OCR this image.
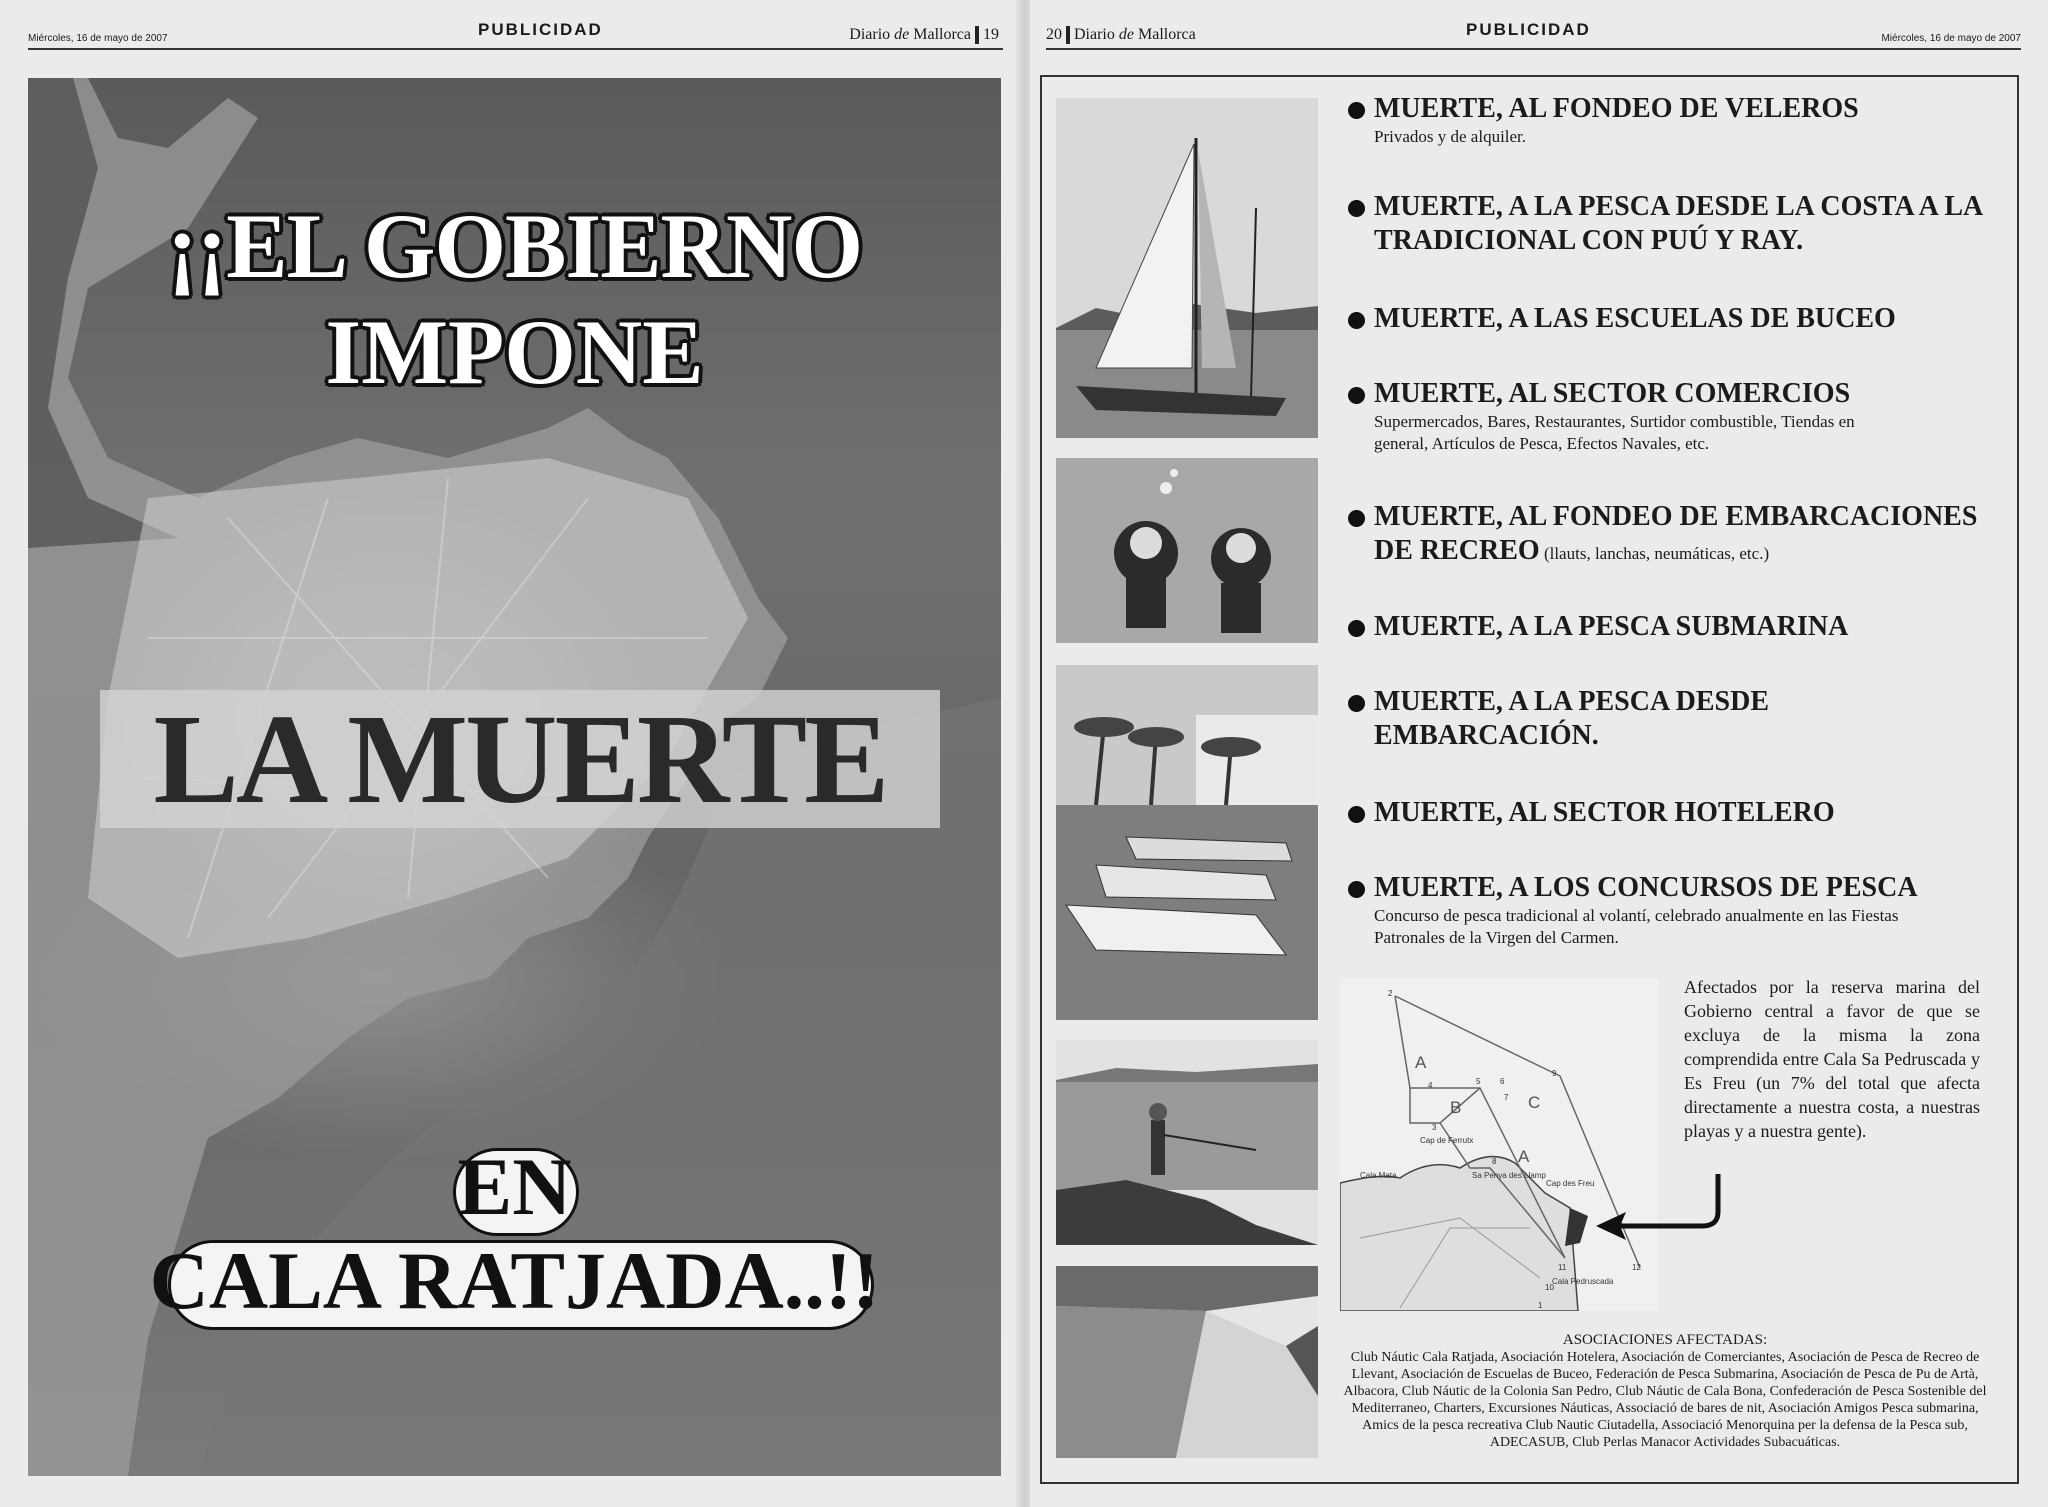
Miércoles, 16 de mayo de 2007	PUBLICIDAD	Diario de Mallorca 19
¡¡EL GOBIERNO
IMPONE
LA MUERTE
EN
CALA RATJADA..!!
20 Diario de Mallorca	PUBLICIDAD	Miércoles, 16 de mayo de 2007
MUERTE, AL FONDEO DE VELEROS
Privados y de alquiler.
MUERTE, A LA PESCA DESDE LA COSTA A LA TRADICIONAL CON PUÚ Y RAY.
MUERTE, A LAS ESCUELAS DE BUCEO
MUERTE, AL SECTOR COMERCIOS
Supermercados, Bares, Restaurantes, Surtidor combustible, Tiendas en general, Artículos de Pesca, Efectos Navales, etc.
MUERTE, AL FONDEO DE EMBARCACIONES DE RECREO (llauts, lanchas, neumáticas, etc.)
MUERTE, A LA PESCA SUBMARINA
MUERTE, A LA PESCA DESDE EMBARCACIÓN.
MUERTE, AL SECTOR HOTELERO
MUERTE, A LOS CONCURSOS DE PESCA
Concurso de pesca tradicional al volantí, celebrado anualmente en las Fiestas Patronales de la Virgen del Carmen.
A
B	C
A
1
2
3
4	5 6
7
8
9
10
11	12
Cap de Ferrutx
Cala Mata	Sa Penya des Llamp
Cap des Freu
Cala Pedruscada
Afectados por la reserva marina del Gobierno central a favor de que se excluya de la misma la zona comprendida entre Cala Sa Pedruscada y Es Freu (un 7% del total que afecta directamente a nuestra costa, a nuestras playas y a nuestra gente).
ASOCIACIONES AFECTADAS:
Club Náutic Cala Ratjada, Asociación Hotelera, Asociación de Comerciantes, Asociación de Pesca de Recreo de Llevant, Asociación de Escuelas de Buceo, Federación de Pesca Submarina, Asociación de Pesca de Pu de Artà, Albacora, Club Náutic de la Colonia San Pedro, Club Náutic de Cala Bona, Confederación de Pesca Sostenible del Mediterraneo, Charters, Excursiones Náuticas, Associació de bares de nit, Asociación Amigos Pesca submarina, Amics de la pesca recreativa Club Nautic Ciutadella, Associació Menorquina per la defensa de la Pesca sub, ADECASUB, Club Perlas Manacor Actividades Subacuáticas.
